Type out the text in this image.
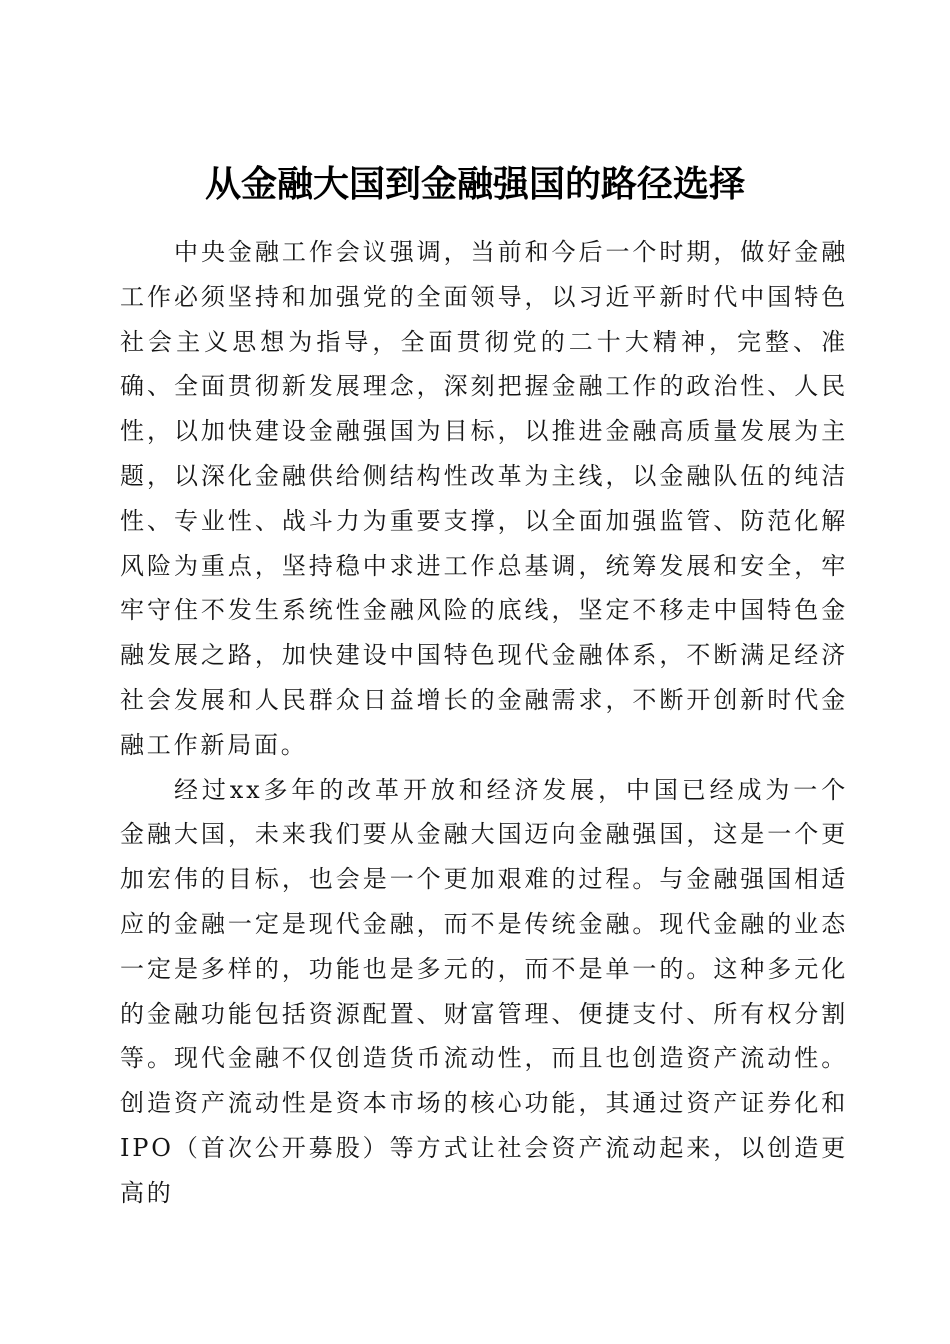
从金融大国到金融强国的路径选择

中央金融工作会议强调，当前和今后一个时期，做好金融工作必须坚持和加强党的全面领导，以习近平新时代中国特色社会主义思想为指导，全面贯彻党的二十大精神，完整、准确、全面贯彻新发展理念，深刻把握金融工作的政治性、人民性，以加快建设金融强国为目标，以推进金融高质量发展为主题，以深化金融供给侧结构性改革为主线，以金融队伍的纯洁性、专业性、战斗力为重要支撑，以全面加强监管、防范化解风险为重点，坚持稳中求进工作总基调，统筹发展和安全，牢牢守住不发生系统性金融风险的底线，坚定不移走中国特色金融发展之路，加快建设中国特色现代金融体系，不断满足经济社会发展和人民群众日益增长的金融需求，不断开创新时代金融工作新局面。

经过xx多年的改革开放和经济发展，中国已经成为一个金融大国，未来我们要从金融大国迈向金融强国，这是一个更加宏伟的目标，也会是一个更加艰难的过程。与金融强国相适应的金融一定是现代金融，而不是传统金融。现代金融的业态一定是多样的，功能也是多元的，而不是单一的。这种多元化的金融功能包括资源配置、财富管理、便捷支付、所有权分割等。现代金融不仅创造货币流动性，而且也创造资产流动性。创造资产流动性是资本市场的核心功能，其通过资产证券化和 IPO（首次公开募股）等方式让社会资产流动起来，以创造更高的
